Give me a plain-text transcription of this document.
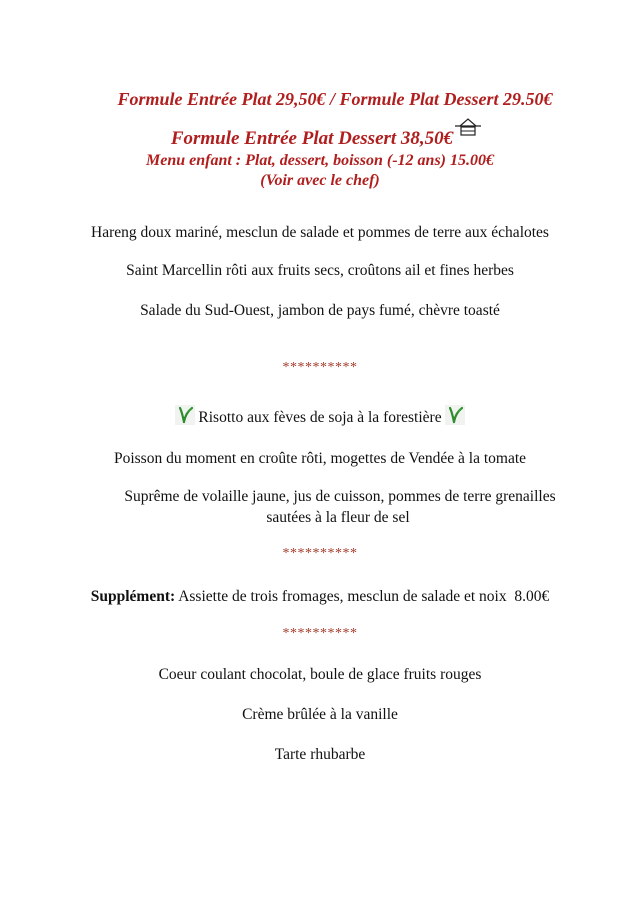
Formule Entrée Plat 29,50€ / Formule Plat Dessert 29.50€
Formule Entrée Plat Dessert 38,50€
Menu enfant : Plat, dessert, boisson (-12 ans) 15.00€
(Voir avec le chef)
Hareng doux mariné, mesclun de salade et pommes de terre aux échalotes
Saint Marcellin rôti aux fruits secs, croûtons ail et fines herbes
Salade du Sud-Ouest, jambon de pays fumé, chèvre toasté
**********
Risotto aux fèves de soja à la forestière
Poisson du moment en croûte rôti, mogettes de Vendée à la tomate
Suprême de volaille jaune, jus de cuisson, pommes de terre grenailles
sautées à la fleur de sel
**********
Supplément: Assiette de trois fromages, mesclun de salade et noix 8.00€
**********
Coeur coulant chocolat, boule de glace fruits rouges
Crème brûlée à la vanille
Tarte rhubarbe
